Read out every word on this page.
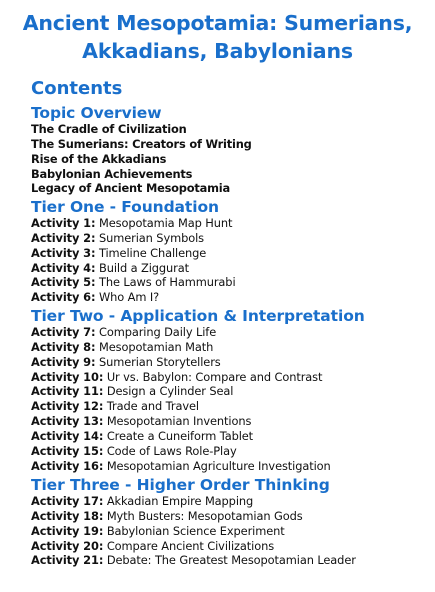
Ancient Mesopotamia: Sumerians,
Akkadians, Babylonians
Contents
Topic Overview
The Cradle of Civilization
The Sumerians: Creators of Writing
Rise of the Akkadians
Babylonian Achievements
Legacy of Ancient Mesopotamia
Tier One - Foundation
Activity 1: Mesopotamia Map Hunt
Activity 2: Sumerian Symbols
Activity 3: Timeline Challenge
Activity 4: Build a Ziggurat
Activity 5: The Laws of Hammurabi
Activity 6: Who Am I?
Tier Two - Application & Interpretation
Activity 7: Comparing Daily Life
Activity 8: Mesopotamian Math
Activity 9: Sumerian Storytellers
Activity 10: Ur vs. Babylon: Compare and Contrast
Activity 11: Design a Cylinder Seal
Activity 12: Trade and Travel
Activity 13: Mesopotamian Inventions
Activity 14: Create a Cuneiform Tablet
Activity 15: Code of Laws Role-Play
Activity 16: Mesopotamian Agriculture Investigation
Tier Three - Higher Order Thinking
Activity 17: Akkadian Empire Mapping
Activity 18: Myth Busters: Mesopotamian Gods
Activity 19: Babylonian Science Experiment
Activity 20: Compare Ancient Civilizations
Activity 21: Debate: The Greatest Mesopotamian Leader
